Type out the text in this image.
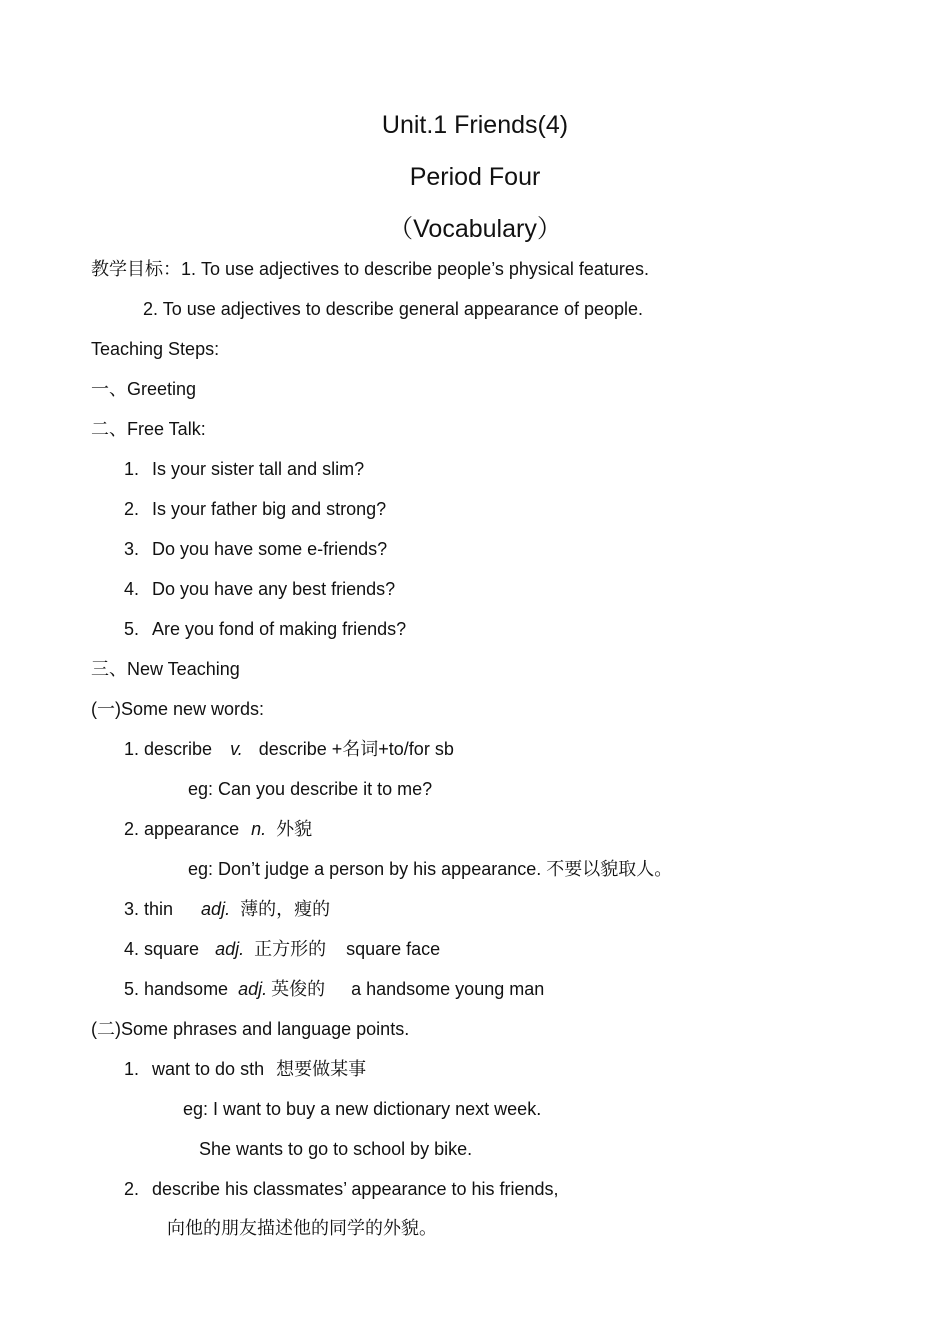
Unit.1 Friends(4)
Period Four
（Vocabulary）
教学目标：1. To use adjectives to describe people’s physical features.
2. To use adjectives to describe general appearance of people.
Teaching Steps:
一、Greeting
二、Free Talk:
1. Is your sister tall and slim?
2. Is your father big and strong?
3. Do you have some e-friends?
4. Do you have any best friends?
5. Are you fond of making friends?
三、New Teaching
(一)Some new words:
1. describe v. describe +名词+to/for sb
eg: Can you describe it to me?
2. appearance n. 外貌
eg: Don’t judge a person by his appearance. 不要以貌取人。
3. thin adj. 薄的，瘦的
4. square adj. 正方形的 square face
5. handsome adj. 英俊的 a handsome young man
(二)Some phrases and language points.
1. want to do sth 想要做某事
eg: I want to buy a new dictionary next week.
She wants to go to school by bike.
2. describe his classmates’ appearance to his friends,
向他的朋友描述他的同学的外貌。
